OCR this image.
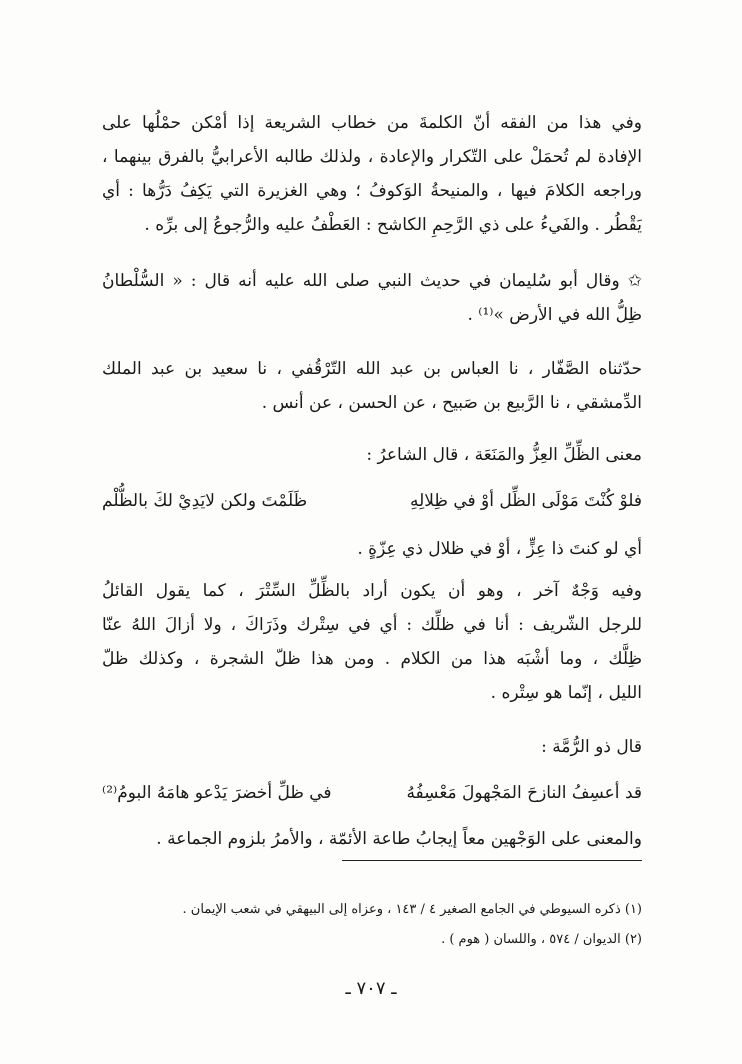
وفي هذا من الفقه أنّ الكلمةَ من خطاب الشريعة إذا أمْكن حمْلُها على
الإفادة لم تُحمَلْ على التّكرار والإعادة ، ولذلك طالبه الأعرابيُّ بالفرق بينهما ،
وراجعه الكلامَ فيها ، والمنيحةُ الوَكوفُ ؛ وهي الغزيرة التي يَكِفُ دَرُّها : أي
يَقْطُر . والفَيءُ على ذي الرَّحِمِ الكاشح : العَطْفُ عليه والرُّجوعُ إلى برِّه .
✩ وقال أبو سُليمان في حديث النبي صلى الله عليه أنه قال : « السُّلْطانُ
ظِلُّ الله في الأرض »⁽¹⁾ .
حدّثناه الصَّفّار ، نا العباس بن عبد الله التّرْقُفي ، نا سعيد بن عبد الملك
الدِّمشقي ، نا الرَّبيع بن صَبيح ، عن الحسن ، عن أنس .
معنى الظِّلِّ العِزُّ والمَنَعَة ، قال الشاعرُ :
فلوْ كُنْتَ مَوْلَى الظِّل أوْ في ظِلالِهِ
ظَلَمْتَ ولكن لايَدِيْ لكَ بالظُّلْم
أي لو كنتَ ذا عِزٍّ ، أوْ في ظلال ذي عِزّةٍ .
وفيه وَجْهٌ آخر ، وهو أن يكون أراد بالظِّلِّ السِّتْرَ ، كما يقول القائلُ
للرجل الشّريف : أنا في ظلِّك : أي في سِتْرك وذَرَاكَ ، ولا أزالَ اللهُ عنّا
ظِلَّك ، وما أشْبَه هذا من الكلام . ومن هذا ظلّ الشجرة ، وكذلك ظلّ
الليل ، إنّما هو سِتْره .
قال ذو الرُّمَّة :
قد أعسِفُ النازحَ المَجْهولَ مَعْسِفُهُ
في ظلِّ أخضرَ يَدْعو هامَهُ البومُ⁽²⁾
والمعنى على الوَجْهين معاً إيجابُ طاعة الأئمّة ، والأمرُ بلزوم الجماعة .
(١) ذكره السيوطي في الجامع الصغير ٤ / ١٤٣ ، وعزاه إلى البيهقي في شعب الإيمان .
(٢) الديوان / ٥٧٤ ، واللسان ( هوم ) .
ـ ٧٠٧ ـ
